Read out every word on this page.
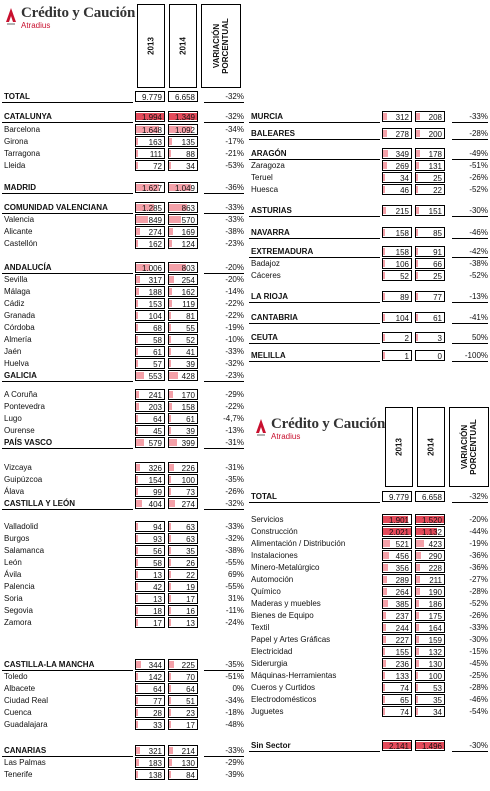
Crédito y Caución
Atradius
2013	2014	VARIACIÓN PORCENTUAL
Crédito y Caución
Atradius
2013	2014	VARIACIÓN PORCENTUAL
TOTAL	9.779 6.658	-32%
CATALUNYA	1.994 1.349	-32%
Barcelona	1.648 1.092	-34%
Girona	163 135	-17%
Tarragona	111	88	-21%
Lleida	72	34	-53%
MADRID	1.627 1.049	-36%
COMUNIDAD VALENCIANA	1.285 863	-33%
Valencia	849 570	-33%
Alicante	274 169	-38%
Castellón	162 124	-23%
ANDALUCÍA	1.006 803	-20%
Sevilla	317 254	-20%
Málaga	188 162	-14%
Cádiz	153	119	-22%
Granada	104	81	-22%
Córdoba	68	55	-19%
Almería	58	52	-10%
Jaén	61	41	-33%
Huelva	57	39	-32%
GALICIA	553 428	-23%
A Coruña	241 170	-29%
Pontevedra	203 158	-22%
Lugo	64	61	-4,7%
Ourense	45	39	-13%
PAÍS VASCO	579 399	-31%
Vizcaya	326 226	-31%
Guipúzcoa	154 100	-35%
Álava	99	73	-26%
CASTILLA Y LEÓN	404 274	-32%
Valladolid	94	63	-33%
Burgos	93	63	-32%
Salamanca	56	35	-38%
León	58	26	-55%
Ávila	13	22	69%
Palencia	42	19	-55%
Soria	13	17	31%
Segovia	18	16	-11%
Zamora	17	13	-24%
CASTILLA-LA MANCHA	344 225	-35%
Toledo	142	70	-51%
Albacete	64	64	0%
Ciudad Real	77	51	-34%
Cuenca	28	23	-18%
Guadalajara	33	17	-48%
CANARIAS	321 214	-33%
Las Palmas	183 130	-29%
Tenerife	138	84	-39%
MURCIA	312 208	-33%
BALEARES	278 200	-28%
ARAGÓN	349 178	-49%
Zaragoza	269 131	-51%
Teruel	34	25	-26%
Huesca	46	22	-52%
ASTURIAS	215 151	-30%
NAVARRA	158	85	-46%
EXTREMADURA	158	91	-42%
Badajoz	106	66	-38%
Cáceres	52	25	-52%
LA RIOJA	89	77	-13%
CANTABRIA	104	61	-41%
CEUTA	2	3	50%
MELILLA	1	0	-100%
TOTAL	9.779 6.658	-32%
Servicios	1.901 1.520	-20%
Construcción	2.021 1.132	-44%
Alimentación / Distribución	521 423	-19%
Instalaciones	456 290	-36%
Minero-Metalúrgico	356 228	-36%
Automoción	289	211	-27%
Químico	264 190	-28%
Maderas y muebles	385 186	-52%
Bienes de Equipo	237 175	-26%
Textil	244 164	-33%
Papel y Artes Gráficas	227 159	-30%
Electricidad	155 132	-15%
Siderurgia	236 130	-45%
Máquinas-Herramientas	133 100	-25%
Cueros y Curtidos	74	53	-28%
Electrodomésticos	65	35	-46%
Juguetes	74	34	-54%
Sin Sector	2.141 1.496	-30%
